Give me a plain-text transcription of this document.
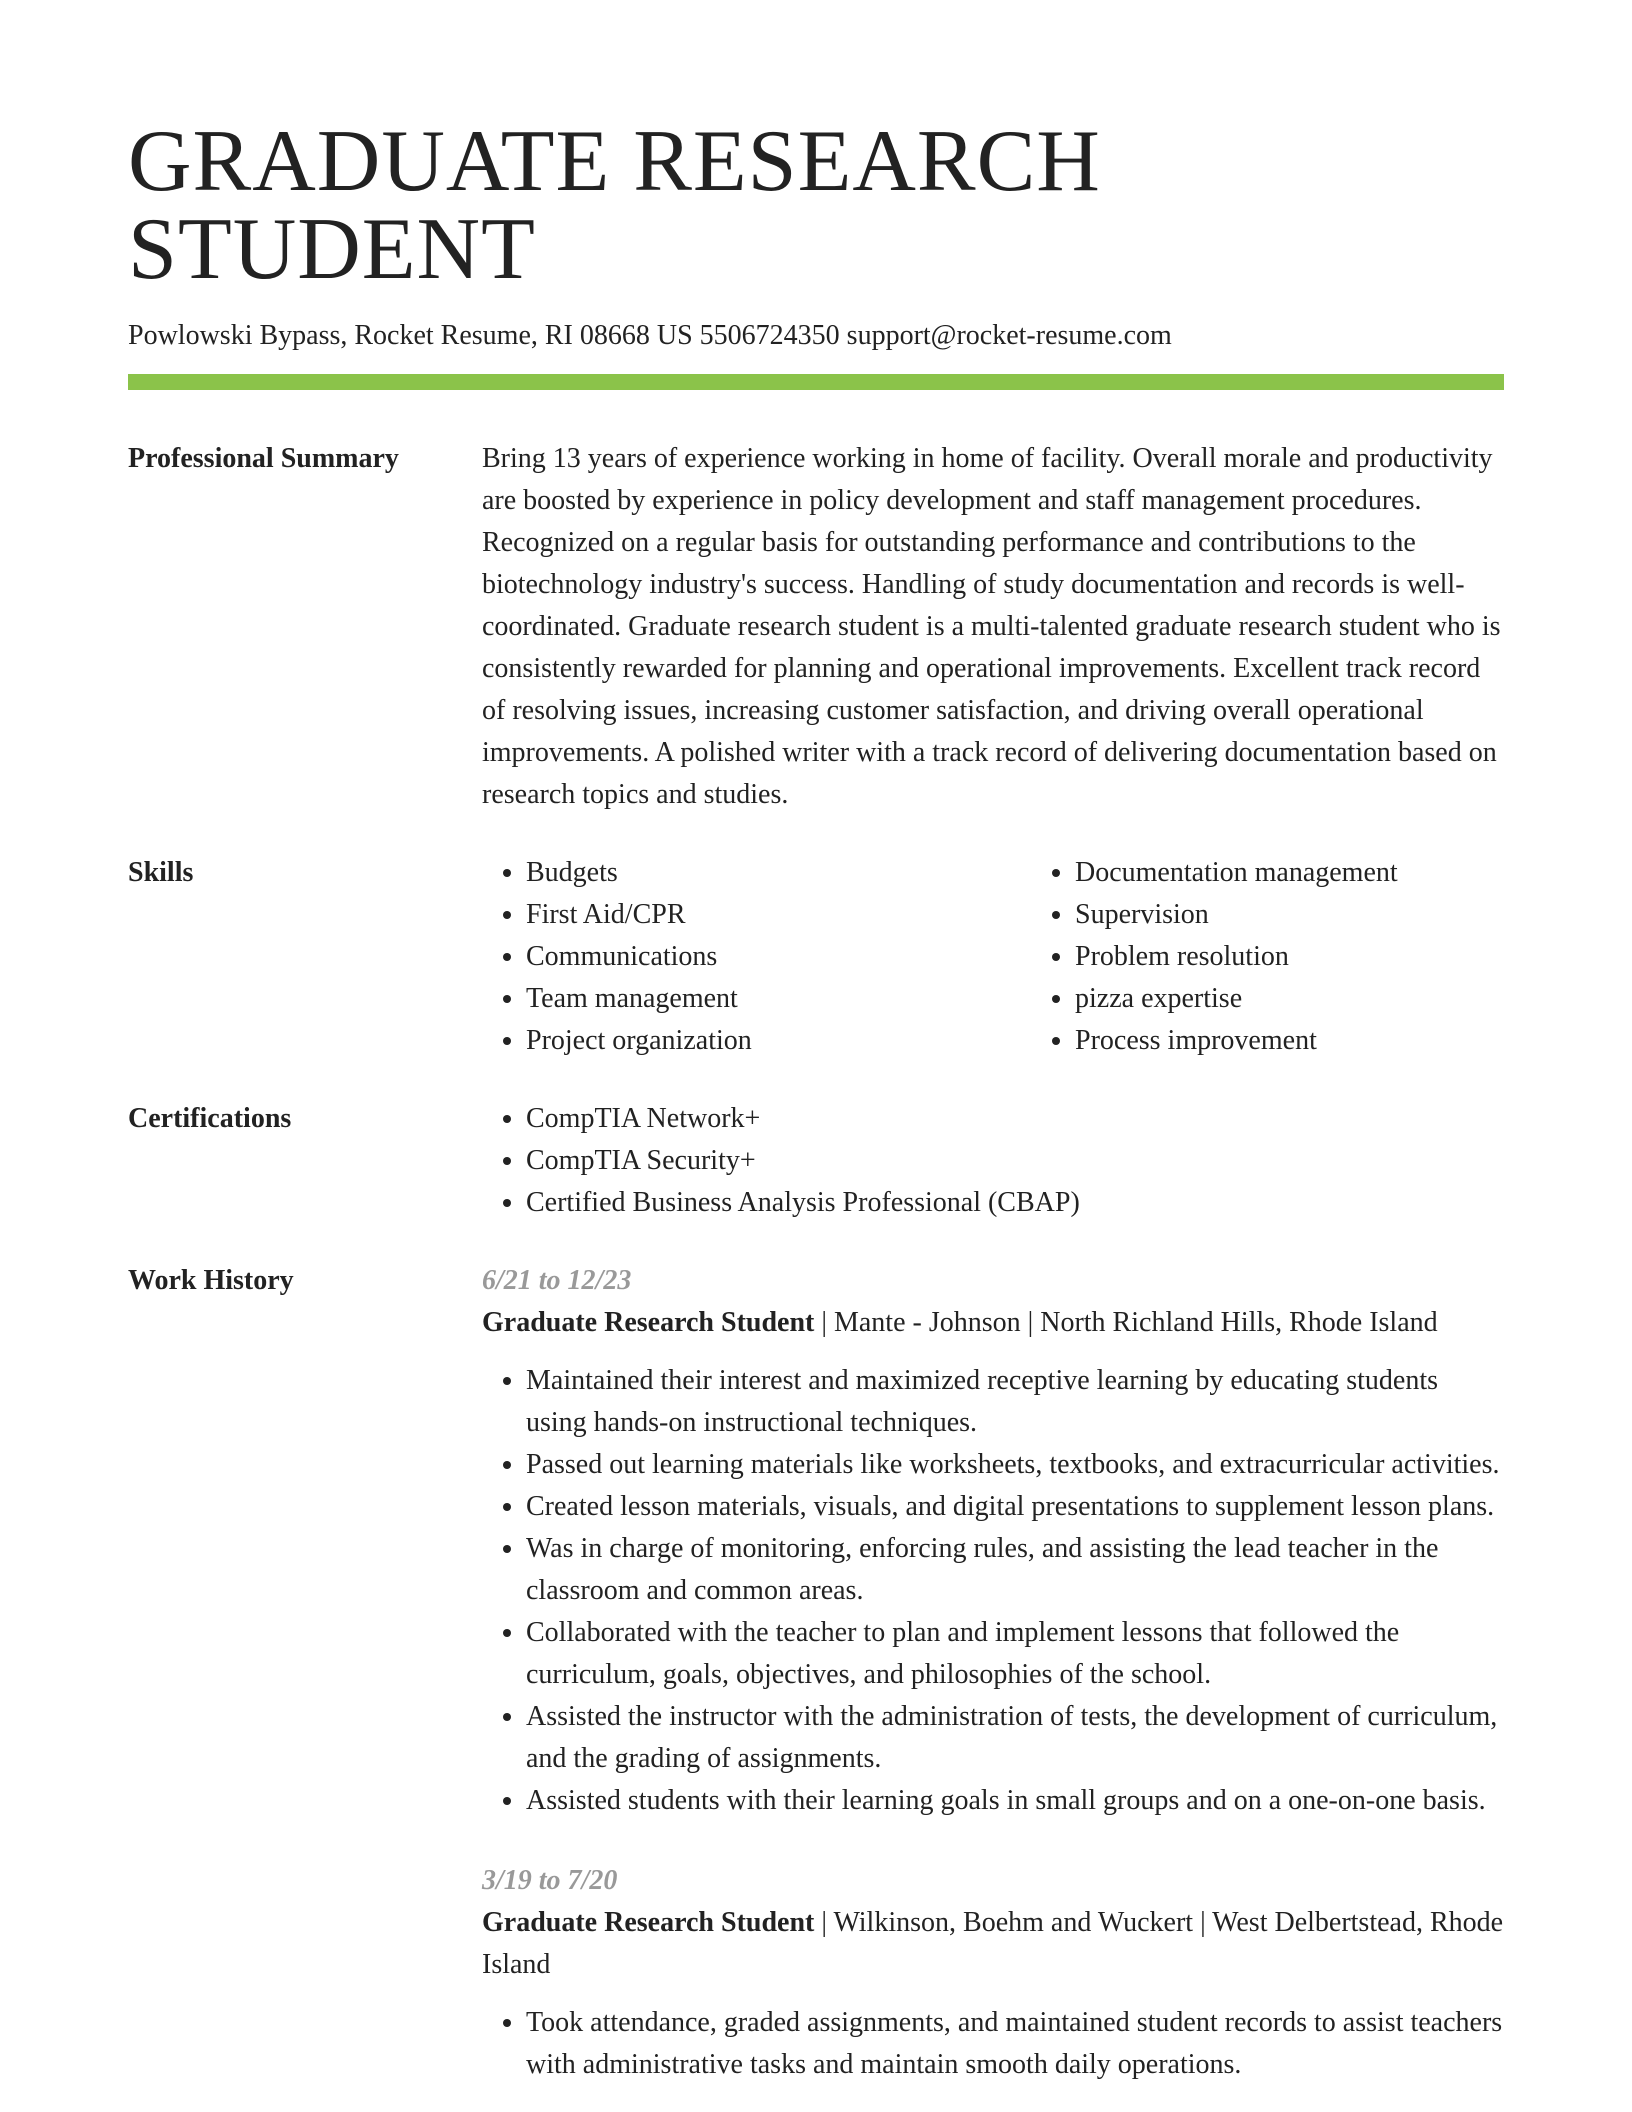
GRADUATE RESEARCH STUDENT
Powlowski Bypass, Rocket Resume, RI 08668 US 5506724350 support@rocket-resume.com
Professional Summary	Bring 13 years of experience working in home of facility. Overall morale and productivity are boosted by experience in policy development and staff management procedures. Recognized on a regular basis for outstanding performance and contributions to the biotechnology industry's success. Handling of study documentation and records is well-coordinated. Graduate research student is a multi-talented graduate research student who is consistently rewarded for planning and operational improvements. Excellent track record of resolving issues, increasing customer satisfaction, and driving overall operational improvements. A polished writer with a track record of delivering documentation based on research topics and studies.

Skills	• Budgets
• First Aid/CPR
• Communications
• Team management
• Project organization
• Documentation management
• Supervision
• Problem resolution
• pizza expertise
• Process improvement
Certifications	• CompTIA Network+
• CompTIA Security+
• Certified Business Analysis Professional (CBAP)
Work History	6/21 to 12/23
Graduate Research Student | Mante - Johnson | North Richland Hills, Rhode Island
• Maintained their interest and maximized receptive learning by educating students using hands-on instructional techniques.
• Passed out learning materials like worksheets, textbooks, and extracurricular activities.
• Created lesson materials, visuals, and digital presentations to supplement lesson plans.
• Was in charge of monitoring, enforcing rules, and assisting the lead teacher in the classroom and common areas.
• Collaborated with the teacher to plan and implement lessons that followed the curriculum, goals, objectives, and philosophies of the school.
• Assisted the instructor with the administration of tests, the development of curriculum, and the grading of assignments.
• Assisted students with their learning goals in small groups and on a one-on-one basis.
3/19 to 7/20
Graduate Research Student | Wilkinson, Boehm and Wuckert | West Delbertstead, Rhode Island
• Took attendance, graded assignments, and maintained student records to assist teachers with administrative tasks and maintain smooth daily operations.
